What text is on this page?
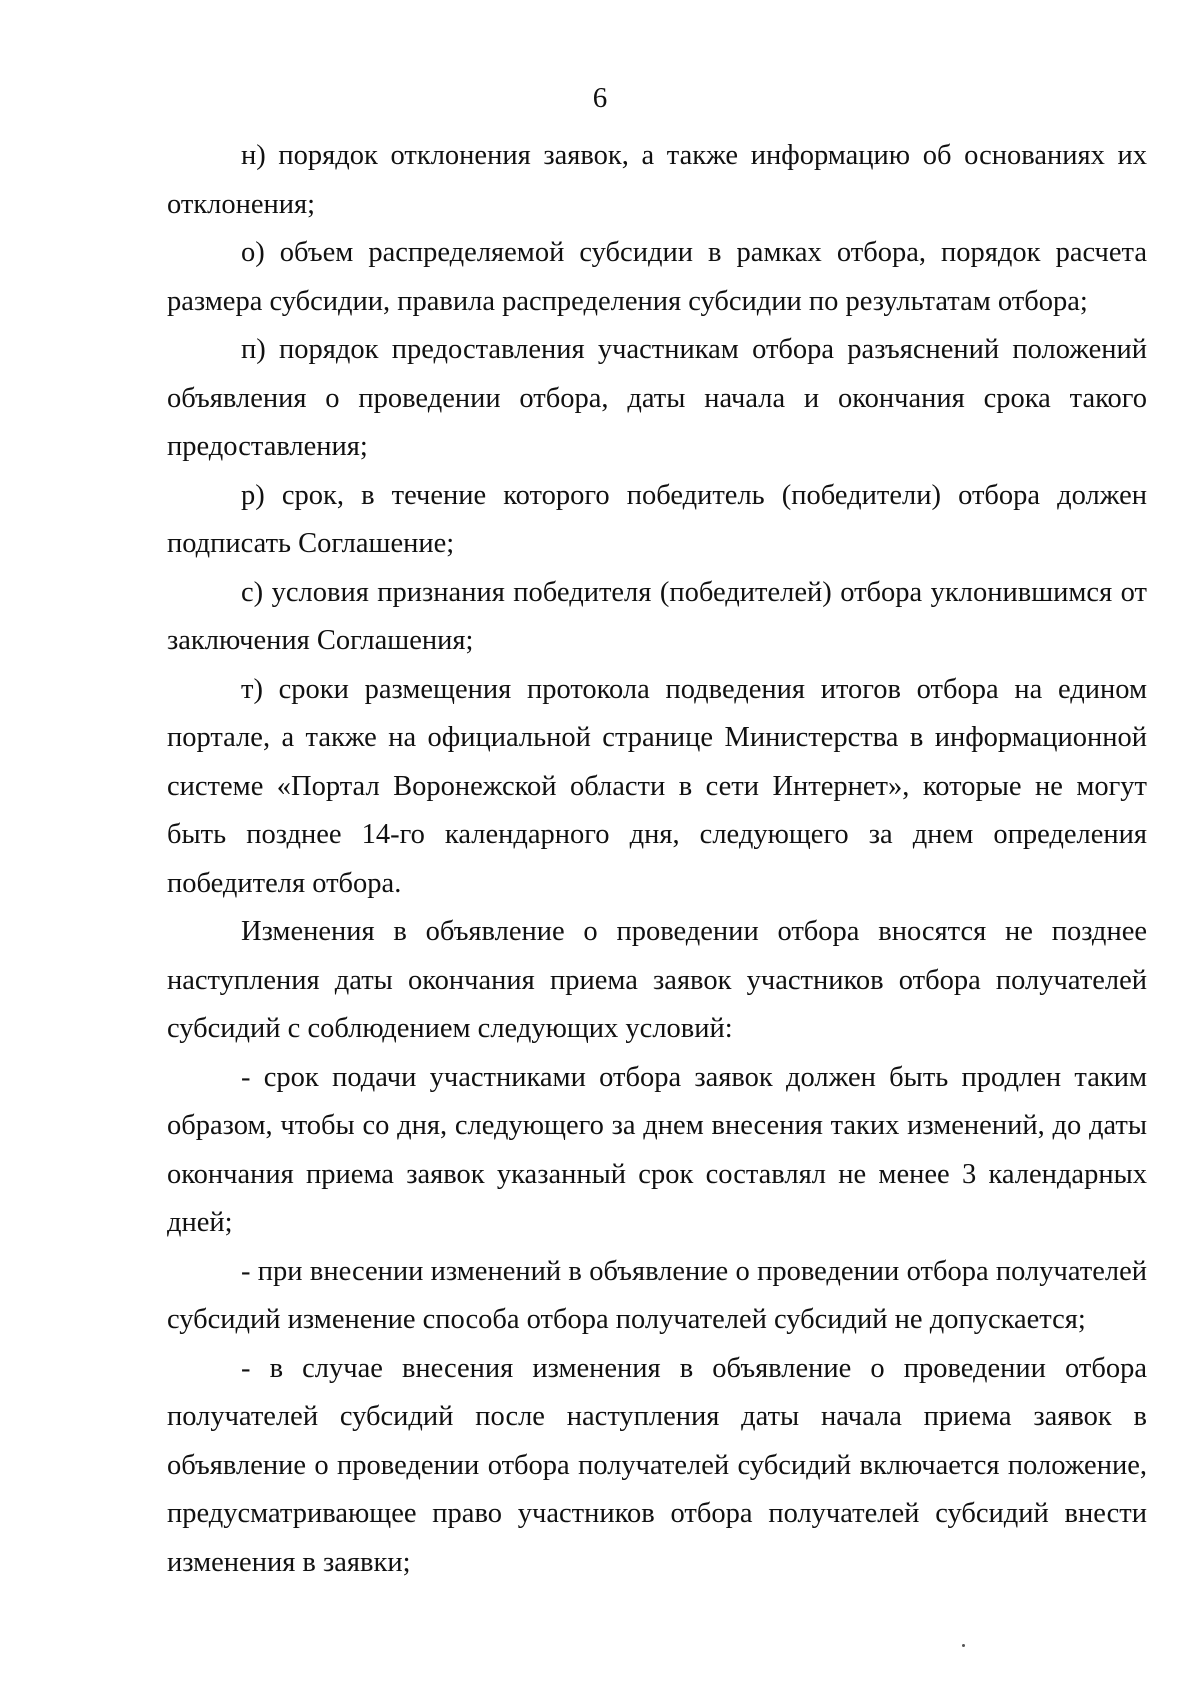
6

н) порядок отклонения заявок, а также информацию об основаниях их отклонения;

о) объем распределяемой субсидии в рамках отбора, порядок расчета размера субсидии, правила распределения субсидии по результатам отбора;

п) порядок предоставления участникам отбора разъяснений положений объявления о проведении отбора, даты начала и окончания срока такого предоставления;

р) срок, в течение которого победитель (победители) отбора должен подписать Соглашение;

с) условия признания победителя (победителей) отбора уклонившимся от заключения Соглашения;

т) сроки размещения протокола подведения итогов отбора на едином портале, а также на официальной странице Министерства в информационной системе «Портал Воронежской области в сети Интернет», которые не могут быть позднее 14-го календарного дня, следующего за днем определения победителя отбора.

Изменения в объявление о проведении отбора вносятся не позднее наступления даты окончания приема заявок участников отбора получателей субсидий с соблюдением следующих условий:

- срок подачи участниками отбора заявок должен быть продлен таким образом, чтобы со дня, следующего за днем внесения таких изменений, до даты окончания приема заявок указанный срок составлял не менее 3 календарных дней;

- при внесении изменений в объявление о проведении отбора получателей субсидий изменение способа отбора получателей субсидий не допускается;

- в случае внесения изменения в объявление о проведении отбора получателей субсидий после наступления даты начала приема заявок в объявление о проведении отбора получателей субсидий включается положение, предусматривающее право участников отбора получателей субсидий внести изменения в заявки;
